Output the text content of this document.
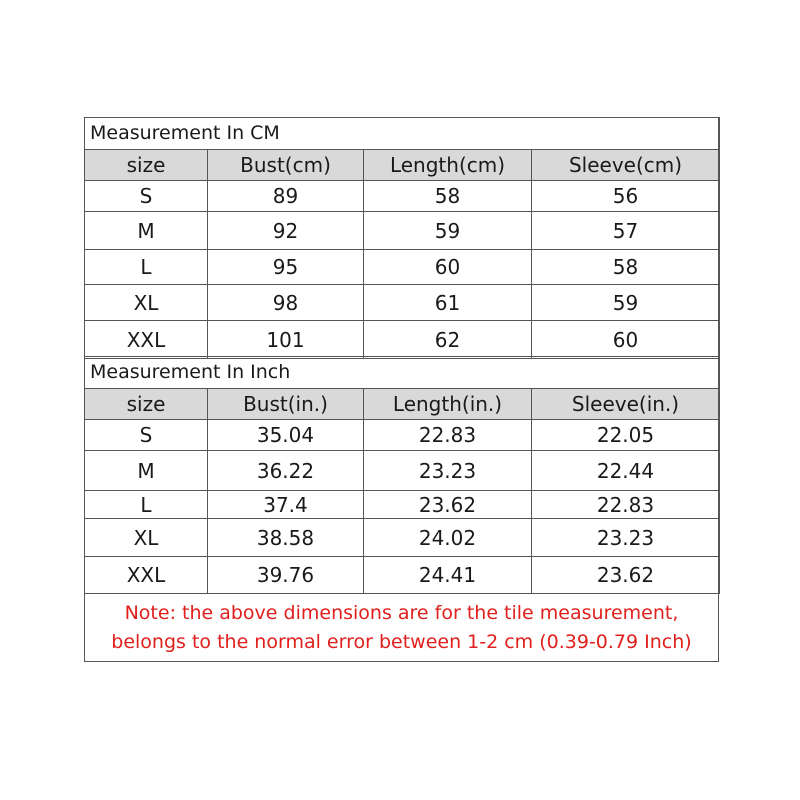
Measurement In CM			
size	Bust(cm)	Length(cm)	Sleeve(cm)
S	89	58	56
M	92	59	57
L	95	60	58
XL	98	61	59
XXL	101	62	60
Measurement In Inch			
size	Bust(in.)	Length(in.)	Sleeve(in.)
S	35.04	22.83	22.05
M	36.22	23.23	22.44
L	37.4	23.62	22.83
XL	38.58	24.02	23.23
XXL	39.76	24.41	23.62
Note: the above dimensions are for the tile measurement,
belongs to the normal error between 1-2 cm (0.39-0.79 Inch)
